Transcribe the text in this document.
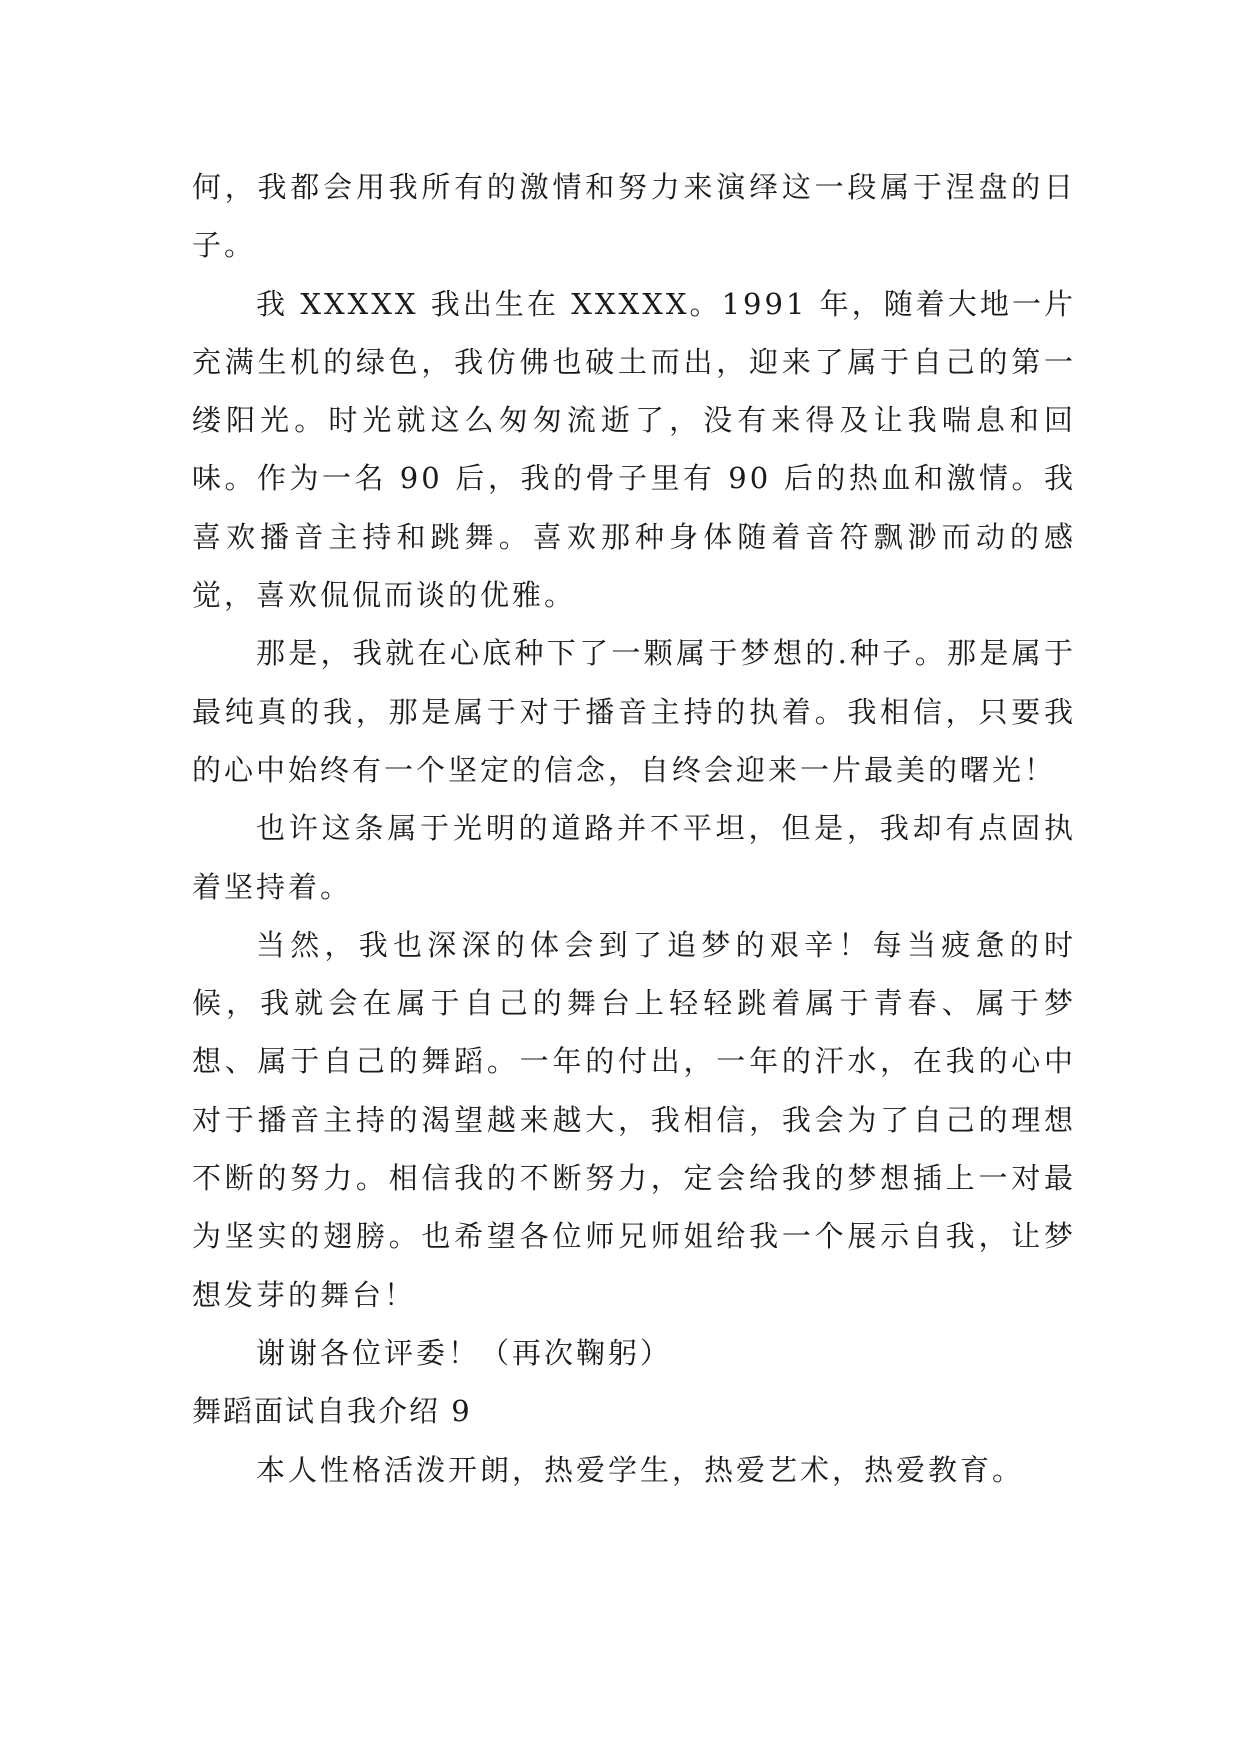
何，我都会用我所有的激情和努力来演绎这一段属于涅盘的日子。

我 XXXXX 我出生在 XXXXX。1991 年，随着大地一片充满生机的绿色，我仿佛也破土而出，迎来了属于自己的第一缕阳光。时光就这么匆匆流逝了，没有来得及让我喘息和回味。作为一名 90 后，我的骨子里有 90 后的热血和激情。我喜欢播音主持和跳舞。喜欢那种身体随着音符飘渺而动的感觉，喜欢侃侃而谈的优雅。

那是，我就在心底种下了一颗属于梦想的.种子。那是属于最纯真的我，那是属于对于播音主持的执着。我相信，只要我的心中始终有一个坚定的信念，自终会迎来一片最美的曙光！

也许这条属于光明的道路并不平坦，但是，我却有点固执着坚持着。

当然，我也深深的体会到了追梦的艰辛！每当疲惫的时候，我就会在属于自己的舞台上轻轻跳着属于青春、属于梦想、属于自己的舞蹈。一年的付出，一年的汗水，在我的心中对于播音主持的渴望越来越大，我相信，我会为了自己的理想不断的努力。相信我的不断努力，定会给我的梦想插上一对最为坚实的翅膀。也希望各位师兄师姐给我一个展示自我，让梦想发芽的舞台！

谢谢各位评委！（再次鞠躬）

舞蹈面试自我介绍 9

本人性格活泼开朗，热爱学生，热爱艺术，热爱教育。
